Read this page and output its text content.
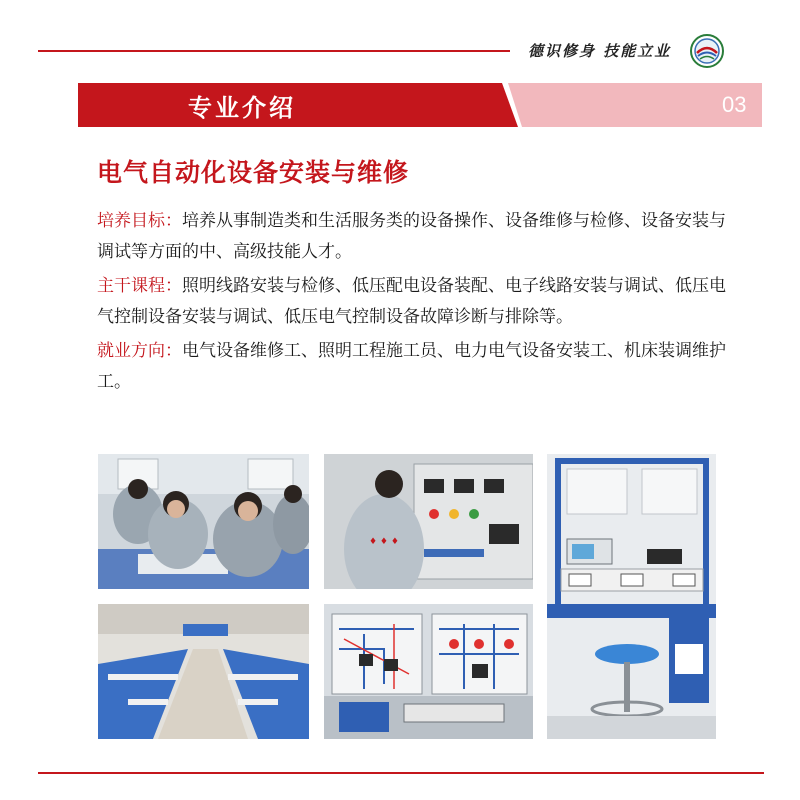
德识修身 技能立业
专业介绍	03
电气自动化设备安装与维修

培养目标：培养从事制造类和生活服务类的设备操作、设备维修与检修、设备安装与调试等方面的中、高级技能人才。

主干课程：照明线路安装与检修、低压配电设备装配、电子线路安装与调试、低压电气控制设备安装与调试、低压电气控制设备故障诊断与排除等。

就业方向：电气设备维修工、照明工程施工员、电力电气设备安装工、机床装调维护工。

♦ ♦ ♦
